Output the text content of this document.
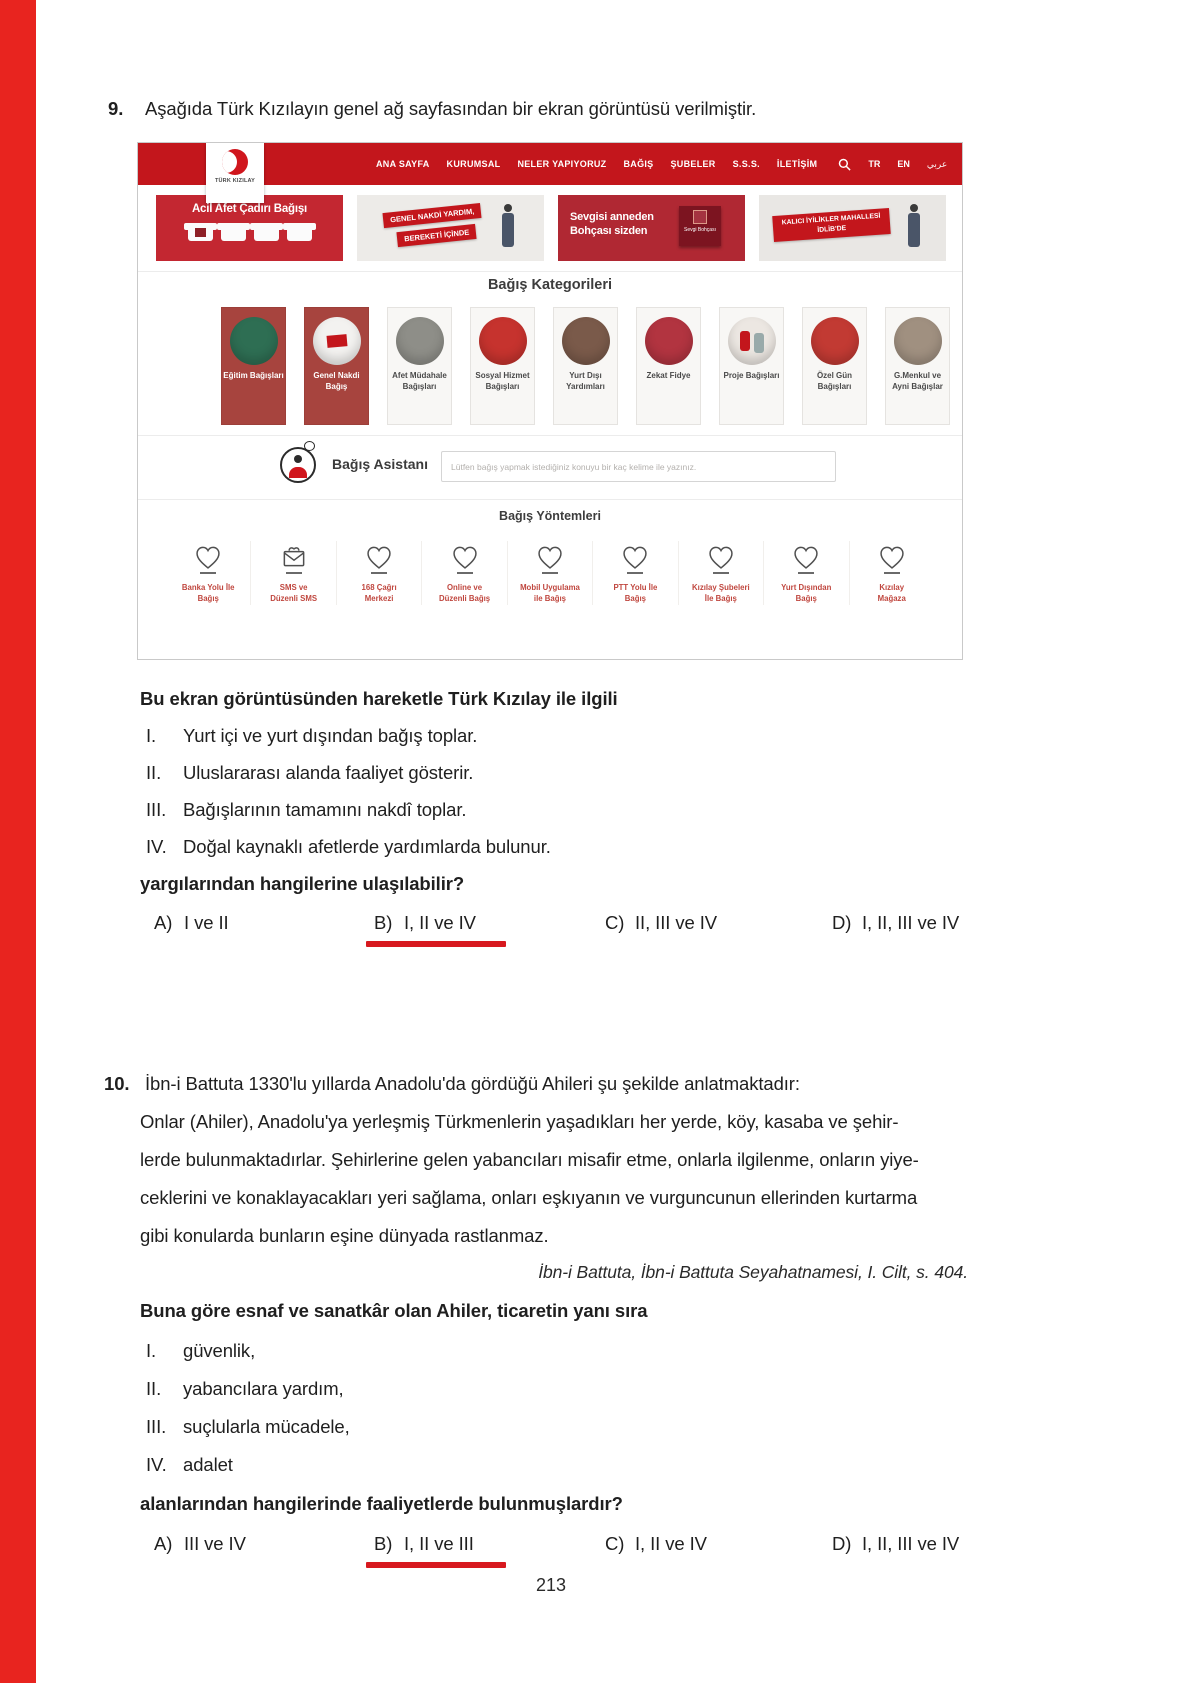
9.	Aşağıda Türk Kızılayın genel ağ sayfasından bir ekran görüntüsü verilmiştir.
TÜRK KIZILAY
ANA SAYFA KURUMSAL NELER YAPIYORUZ BAĞIŞ ŞUBELER S.S.S. İLETİŞİM	TR EN عربي
Acil Afet Çadırı Bağışı	GENEL NAKDİ YARDIM,
BEREKETİ İÇİNDE
Sevgisi anneden
Bohçası sizden	Sevgi Bohçası
KALICI İYİLİKLER MAHALLESİ
İDLİB'DE
Bağış Kategorileri
Eğitim Bağışları	Genel Nakdi Bağış
Afet Müdahale Bağışları
Sosyal Hizmet Bağışları
Yurt Dışı Yardımları
Zekat Fidye	Proje Bağışları	Özel Gün Bağışları
G.Menkul ve Ayni Bağışlar
Bağış Asistanı
Lütfen bağış yapmak istediğiniz konuyu bir kaç kelime ile yazınız.
Bağış Yöntemleri
Banka Yolu İle
Bağış
SMS ve
Düzenli SMS
168 Çağrı
Merkezi
Online ve
Düzenli Bağış
Mobil Uygulama
ile Bağış
PTT Yolu İle
Bağış
Kızılay Şubeleri
İle Bağış
Yurt Dışından
Bağış
Kızılay
Mağaza
Bu ekran görüntüsünden hareketle Türk Kızılay ile ilgili
I. Yurt içi ve yurt dışından bağış toplar.
II. Uluslararası alanda faaliyet gösterir.
III. Bağışlarının tamamını nakdî toplar.
IV. Doğal kaynaklı afetlerde yardımlarda bulunur.
yargılarından hangilerine ulaşılabilir?
A) I ve II	B) I, II ve IV	C) II, III ve IV	D) I, II, III ve IV
10. İbn-i Battuta 1330'lu yıllarda Anadolu'da gördüğü Ahileri şu şekilde anlatmaktadır:
Onlar (Ahiler), Anadolu'ya yerleşmiş Türkmenlerin yaşadıkları her yerde, köy, kasaba ve şehir-
lerde bulunmaktadırlar. Şehirlerine gelen yabancıları misafir etme, onlarla ilgilenme, onların yiye-
ceklerini ve konaklayacakları yeri sağlama, onları eşkıyanın ve vurguncunun ellerinden kurtarma
gibi konularda bunların eşine dünyada rastlanmaz.
İbn-i Battuta, İbn-i Battuta Seyahatnamesi, I. Cilt, s. 404.
Buna göre esnaf ve sanatkâr olan Ahiler, ticaretin yanı sıra
I. güvenlik,
II. yabancılara yardım,
III. suçlularla mücadele,
IV. adalet
alanlarından hangilerinde faaliyetlerde bulunmuşlardır?
A) III ve IV	B) I, II ve III	C) I, II ve IV	D) I, II, III ve IV
213
